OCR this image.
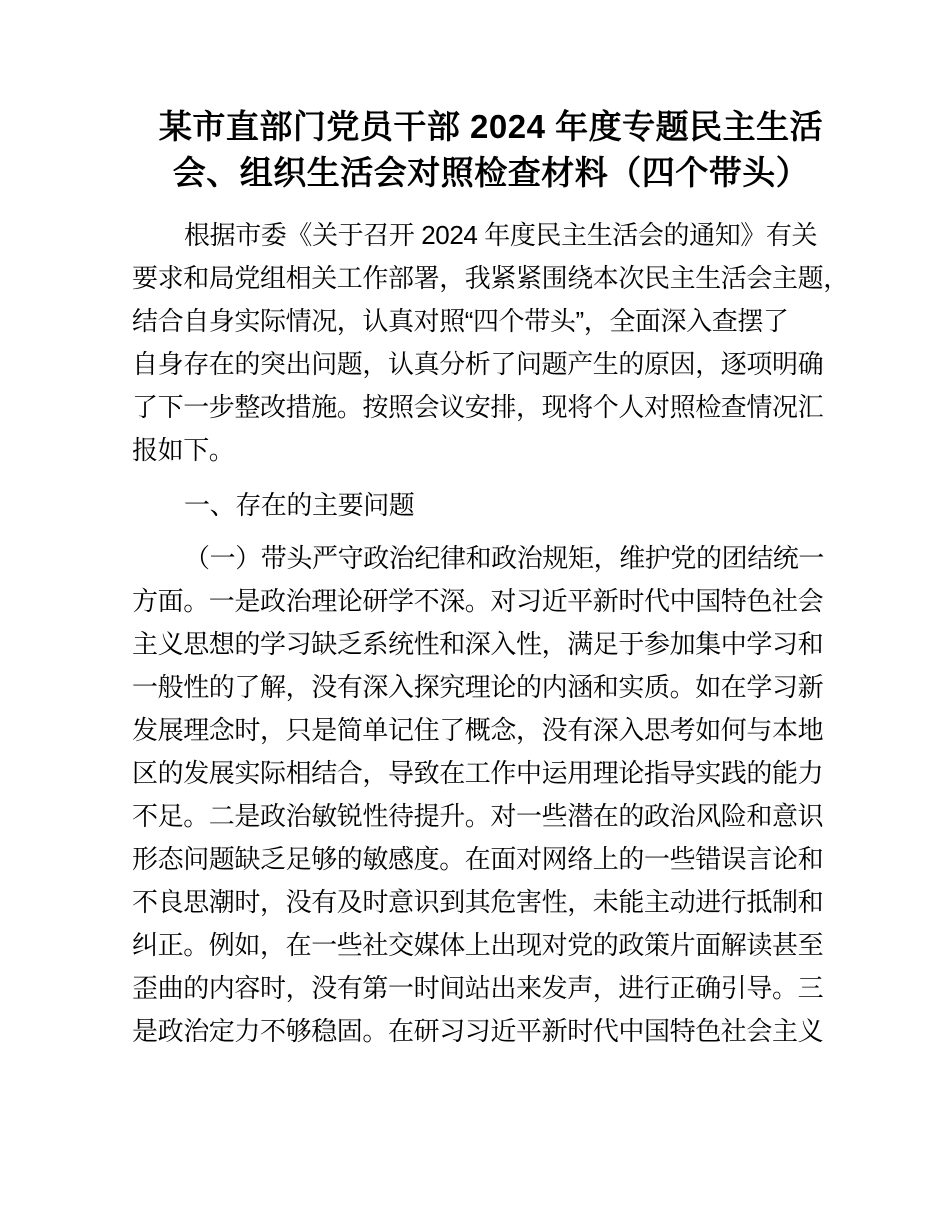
某市直部门党员干部 2024 年度专题民主生活
会、组织生活会对照检查材料（四个带头）
根据市委《关于召开 2024 年度民主生活会的通知》有关
要求和局党组相关工作部署，我紧紧围绕本次民主生活会主题，
结合自身实际情况，认真对照“四个带头”，全面深入查摆了
自身存在的突出问题，认真分析了问题产生的原因，逐项明确
了下一步整改措施。按照会议安排，现将个人对照检查情况汇
报如下。
一、存在的主要问题
（一）带头严守政治纪律和政治规矩，维护党的团结统一
方面。一是政治理论研学不深。对习近平新时代中国特色社会
主义思想的学习缺乏系统性和深入性，满足于参加集中学习和
一般性的了解，没有深入探究理论的内涵和实质。如在学习新
发展理念时，只是简单记住了概念，没有深入思考如何与本地
区的发展实际相结合，导致在工作中运用理论指导实践的能力
不足。二是政治敏锐性待提升。对一些潜在的政治风险和意识
形态问题缺乏足够的敏感度。在面对网络上的一些错误言论和
不良思潮时，没有及时意识到其危害性，未能主动进行抵制和
纠正。例如，在一些社交媒体上出现对党的政策片面解读甚至
歪曲的内容时，没有第一时间站出来发声，进行正确引导。三
是政治定力不够稳固。在研习习近平新时代中国特色社会主义
